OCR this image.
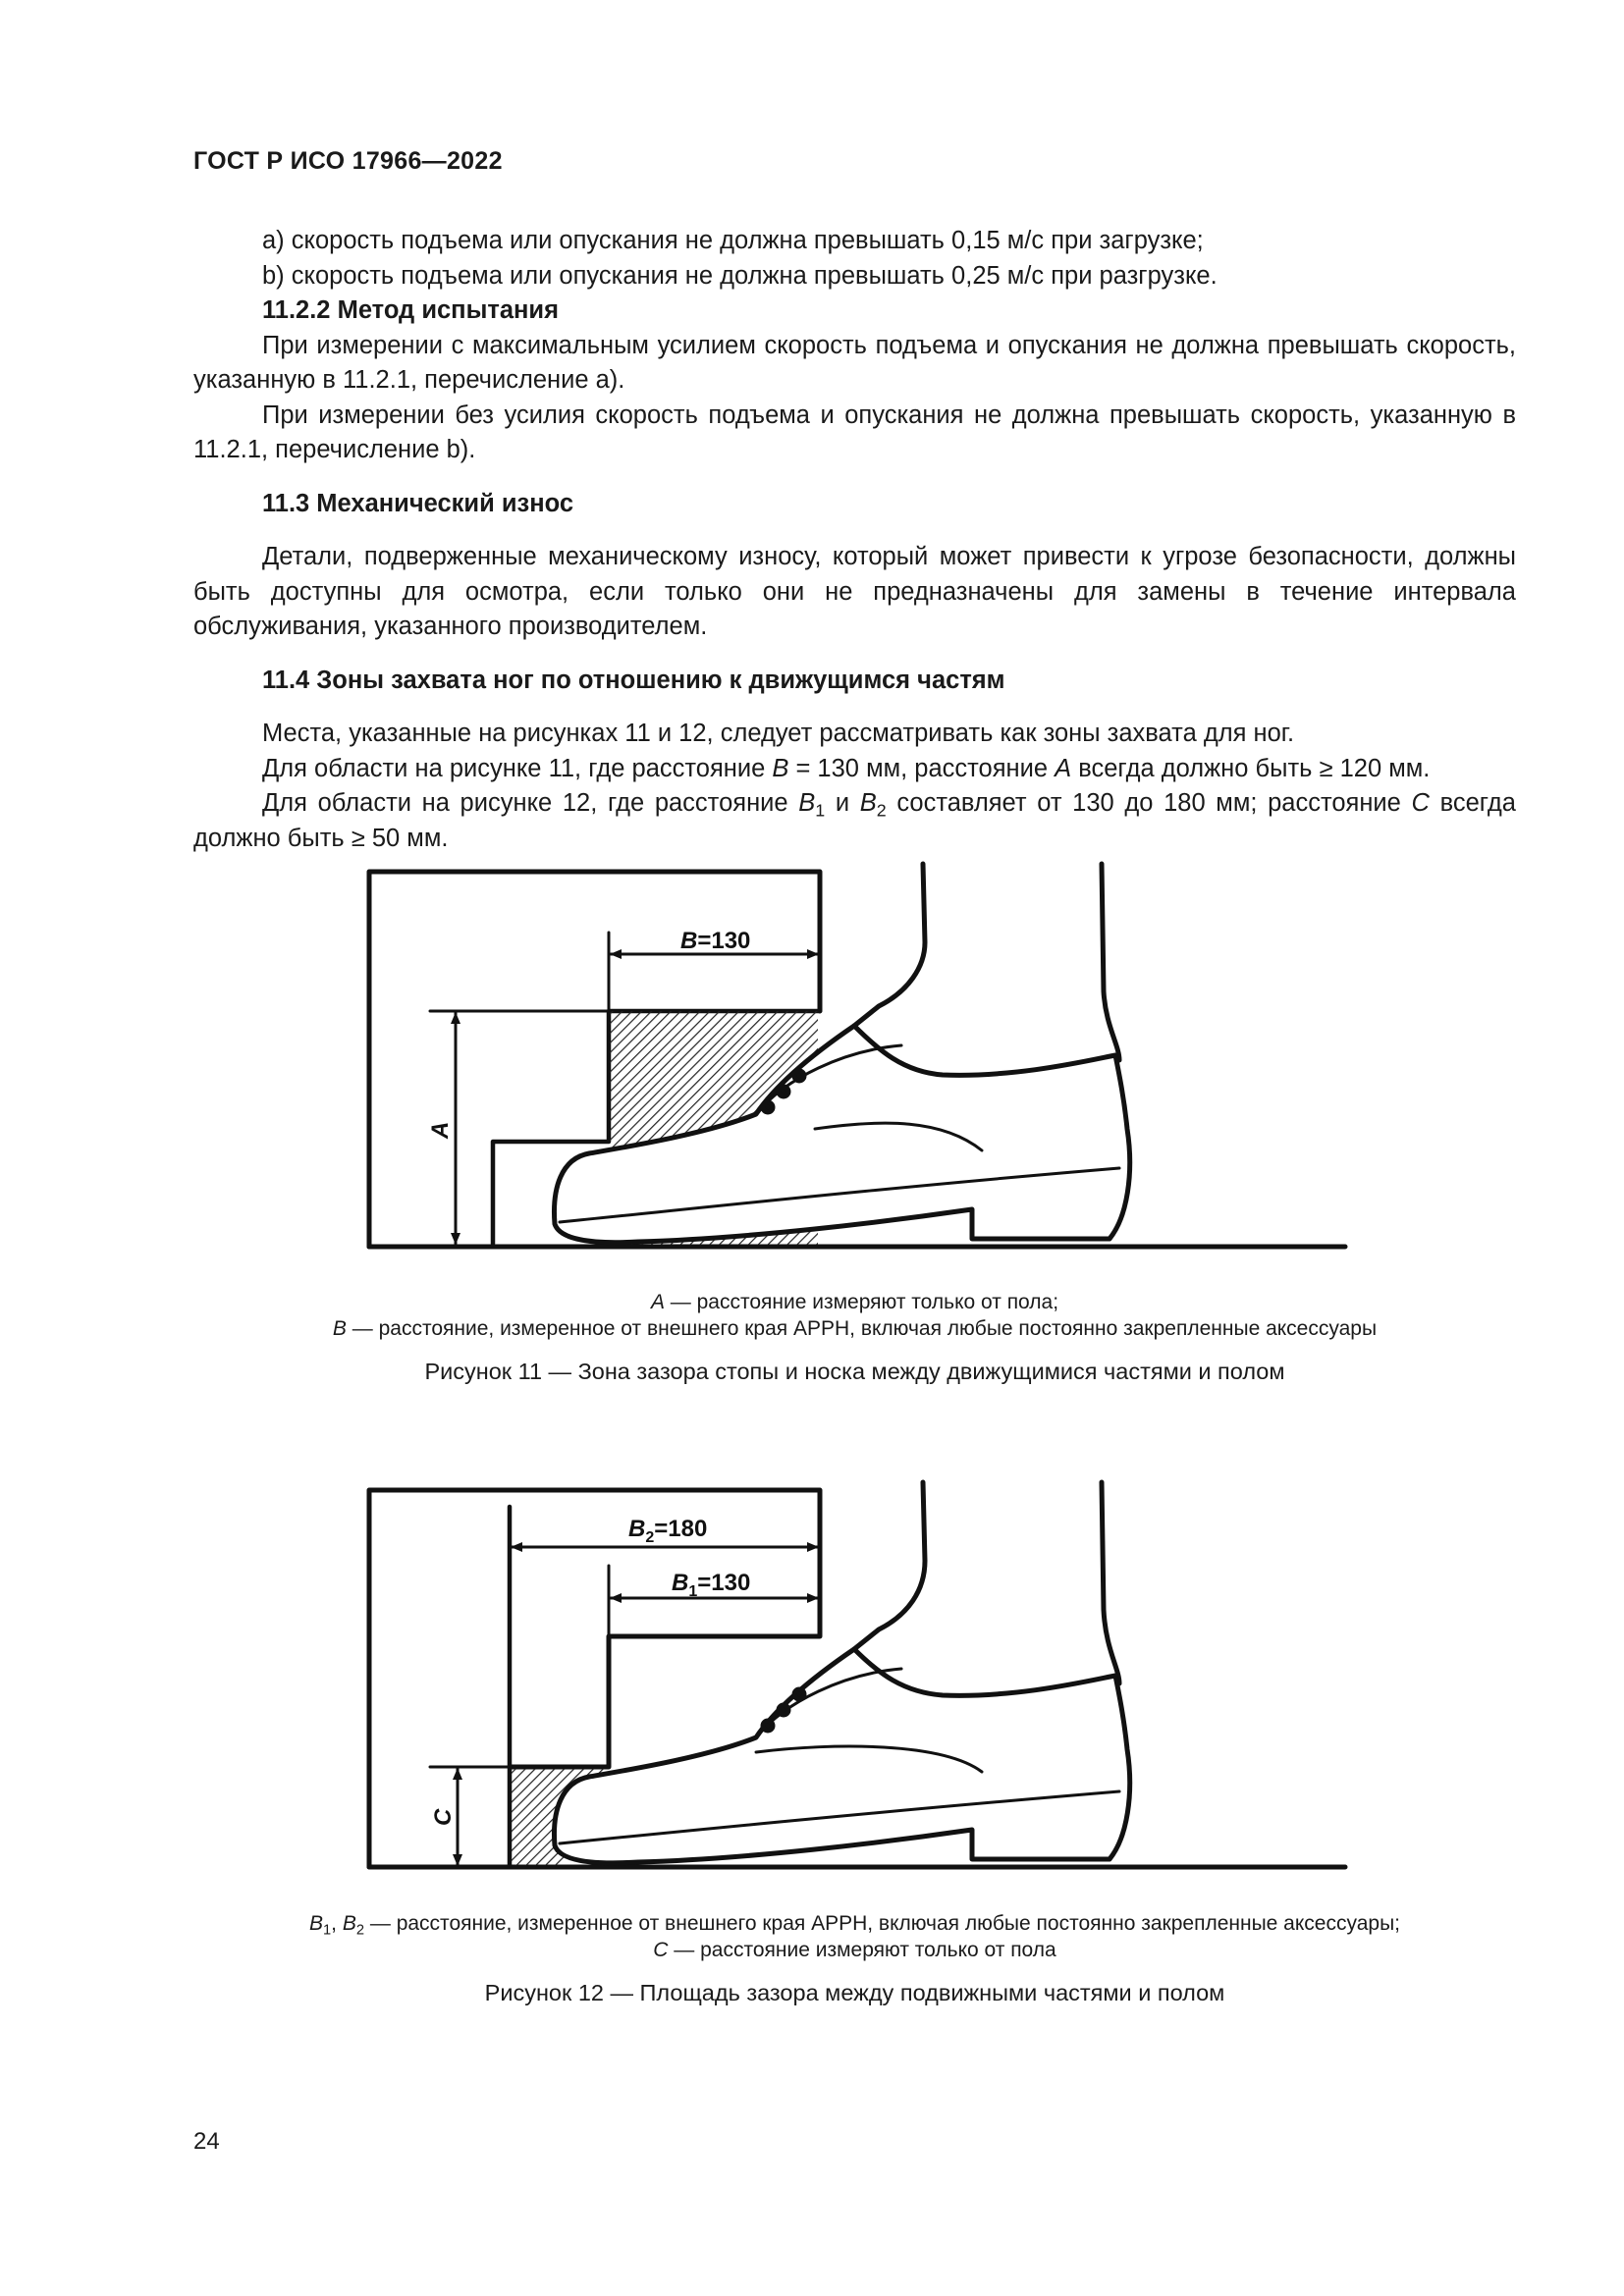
ГОСТ Р ИСО 17966—2022

a) скорость подъема или опускания не должна превышать 0,15 м/с при загрузке;

b) скорость подъема или опускания не должна превышать 0,25 м/с при разгрузке.

11.2.2 Метод испытания

При измерении с максимальным усилием скорость подъема и опускания не должна превышать скорость, указанную в 11.2.1, перечисление а).

При измерении без усилия скорость подъема и опускания не должна превышать скорость, указанную в 11.2.1, перечисление b).

11.3 Механический износ

Детали, подверженные механическому износу, который может привести к угрозе безопасности, должны быть доступны для осмотра, если только они не предназначены для замены в течение интервала обслуживания, указанного производителем.

11.4 Зоны захвата ног по отношению к движущимся частям

Места, указанные на рисунках 11 и 12, следует рассматривать как зоны захвата для ног.

Для области на рисунке 11, где расстояние B = 130 мм, расстояние A всегда должно быть ≥ 120 мм.

Для области на рисунке 12, где расстояние $B_1$ и $B_2$ составляет от 130 до 180 мм; расстояние C всегда должно быть ≥ 50 мм.

B=130
A
$B_2=180$
$B_1=130$
C
A — расстояние измеряют только от пола;
B — расстояние, измеренное от внешнего края АРРН, включая любые постоянно закрепленные аксессуары
Рисунок 11 — Зона зазора стопы и носка между движущимися частями и полом
$B_1$, $B_2$ — расстояние, измеренное от внешнего края АРРН, включая любые постоянно закрепленные аксессуары;
C — расстояние измеряют только от пола
Рисунок 12 — Площадь зазора между подвижными частями и полом
24
